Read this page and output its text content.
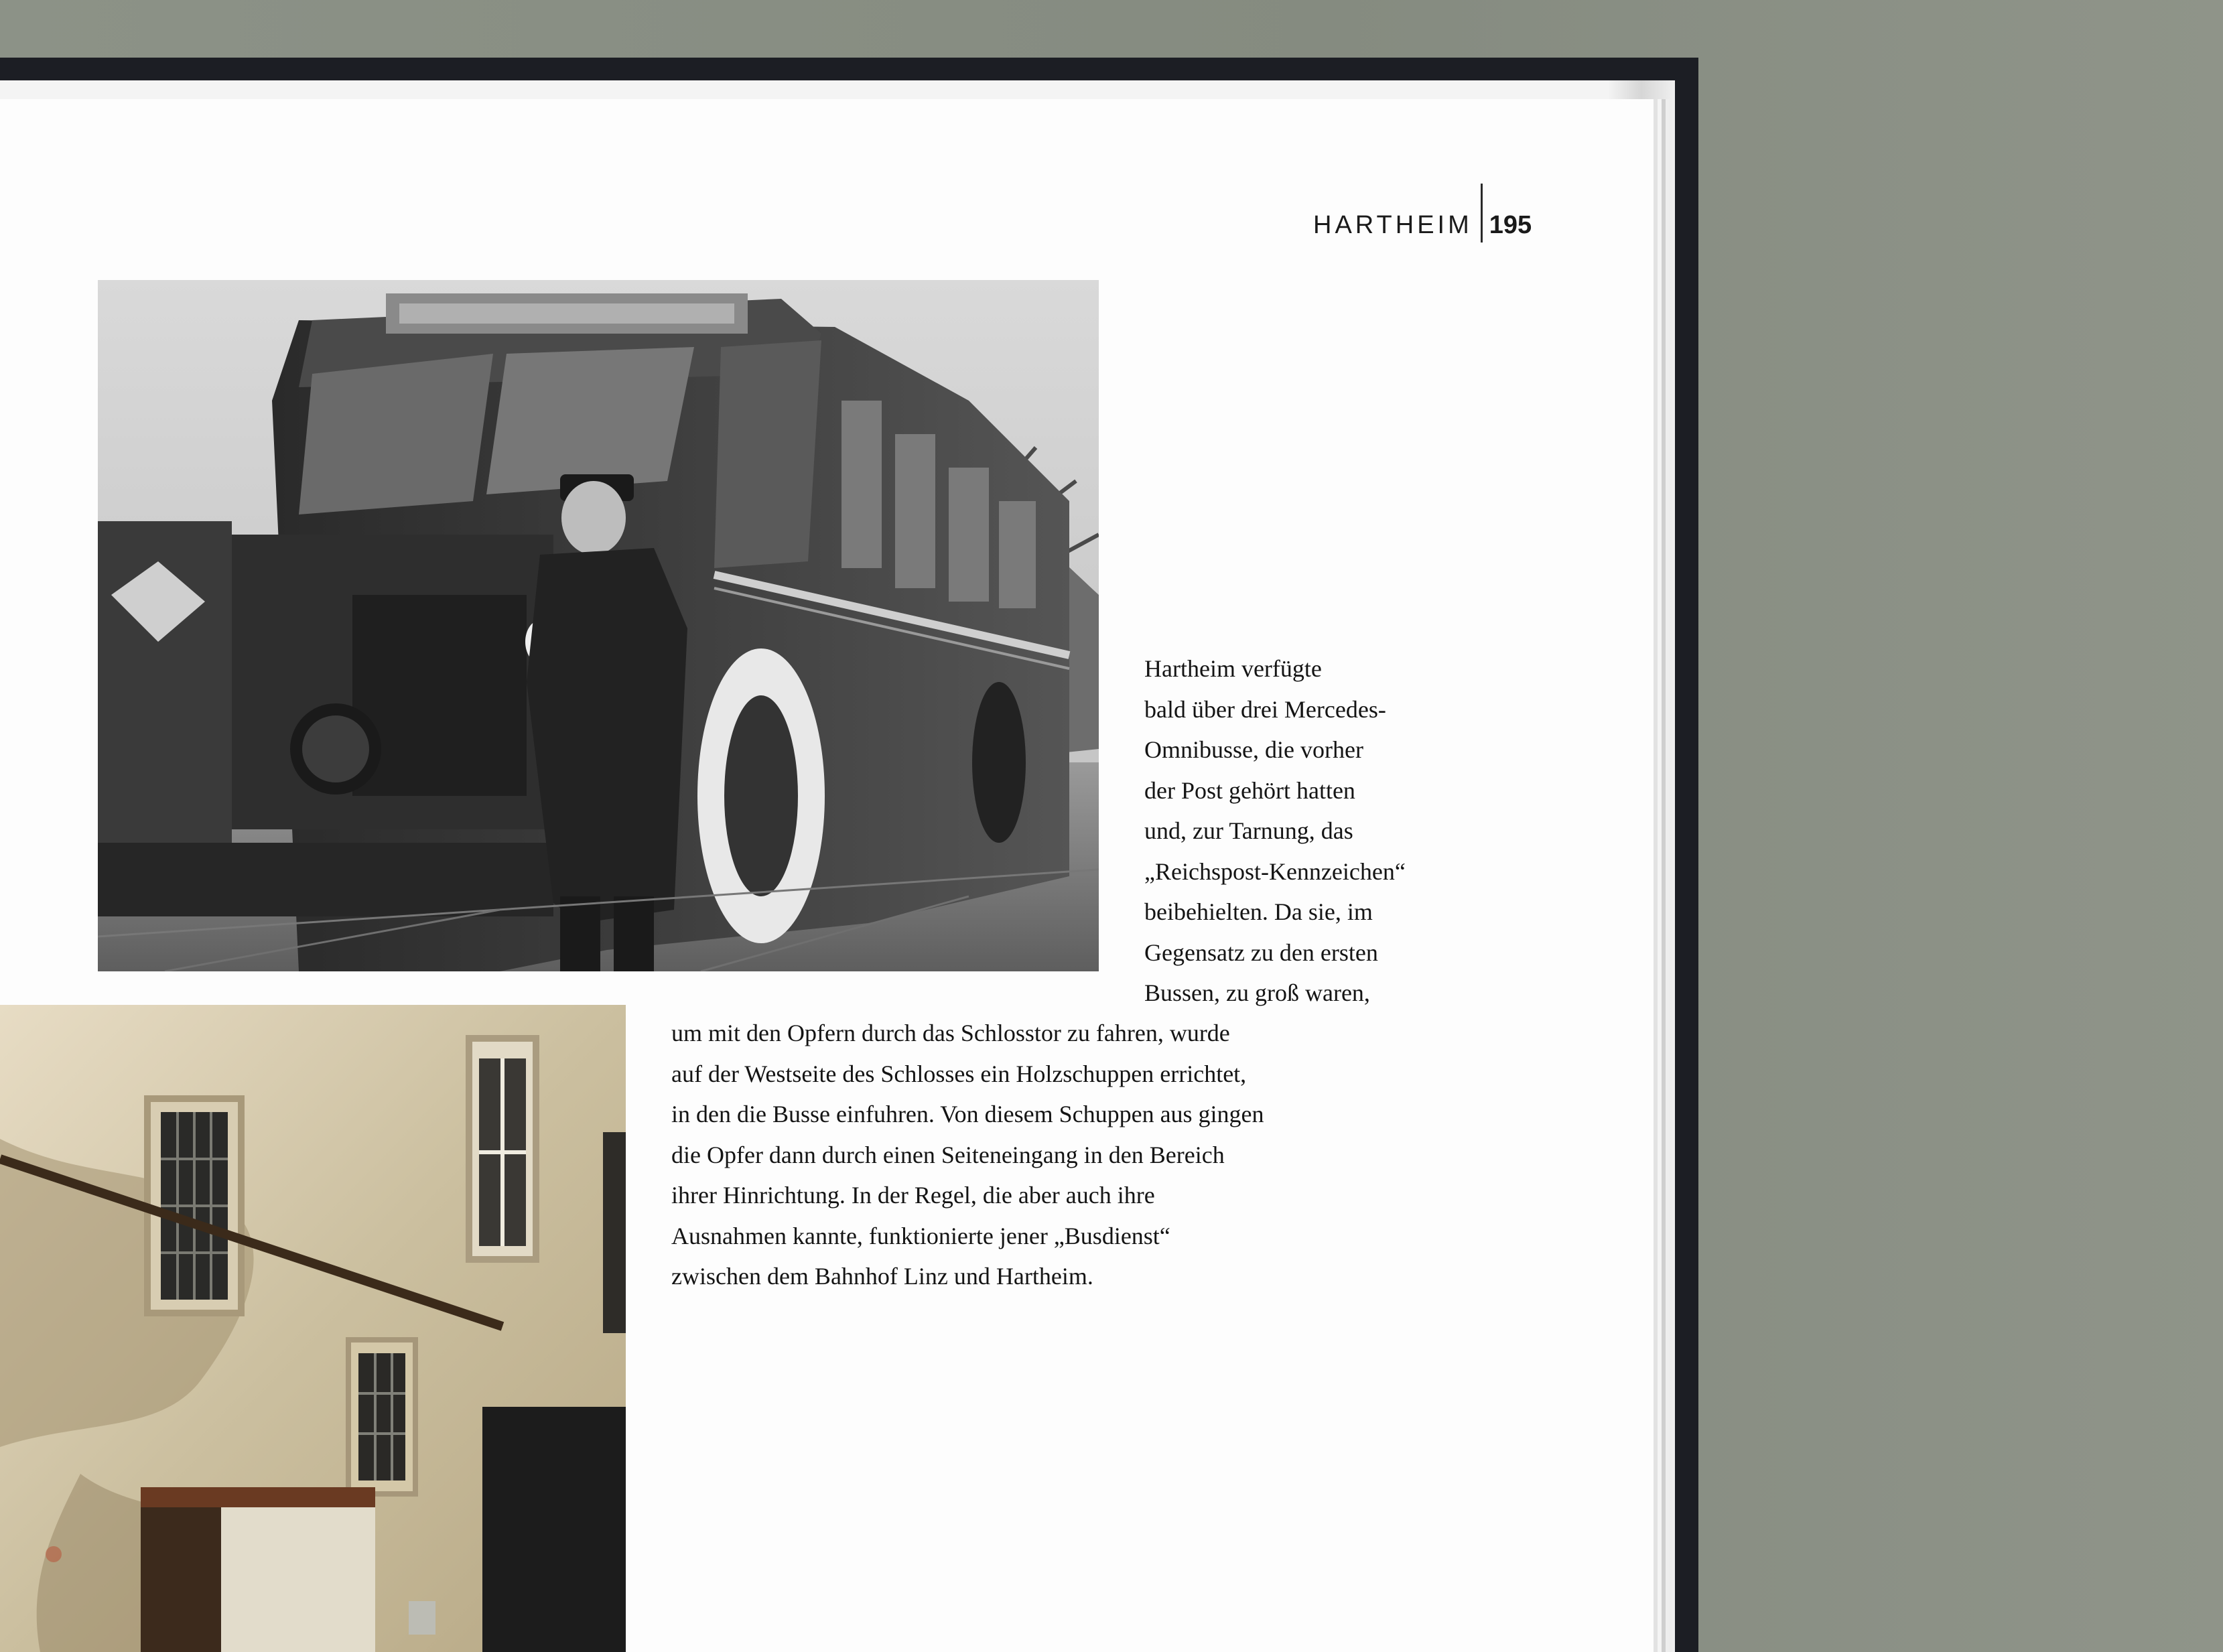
HARTHEIM 195
Hartheim verfügte
bald über drei Mercedes-
Omnibusse, die vorher
der Post gehört hatten
und, zur Tarnung, das
„Reichspost-Kennzeichen“
beibehielten. Da sie, im
Gegensatz zu den ersten
Bussen, zu groß waren,
um mit den Opfern durch das Schlosstor zu fahren, wurde
auf der Westseite des Schlosses ein Holzschuppen errichtet,
in den die Busse einfuhren. Von diesem Schuppen aus gingen
die Opfer dann durch einen Seiteneingang in den Bereich
ihrer Hinrichtung. In der Regel, die aber auch ihre
Ausnahmen kannte, funktionierte jener „Busdienst“
zwischen dem Bahnhof Linz und Hartheim.
